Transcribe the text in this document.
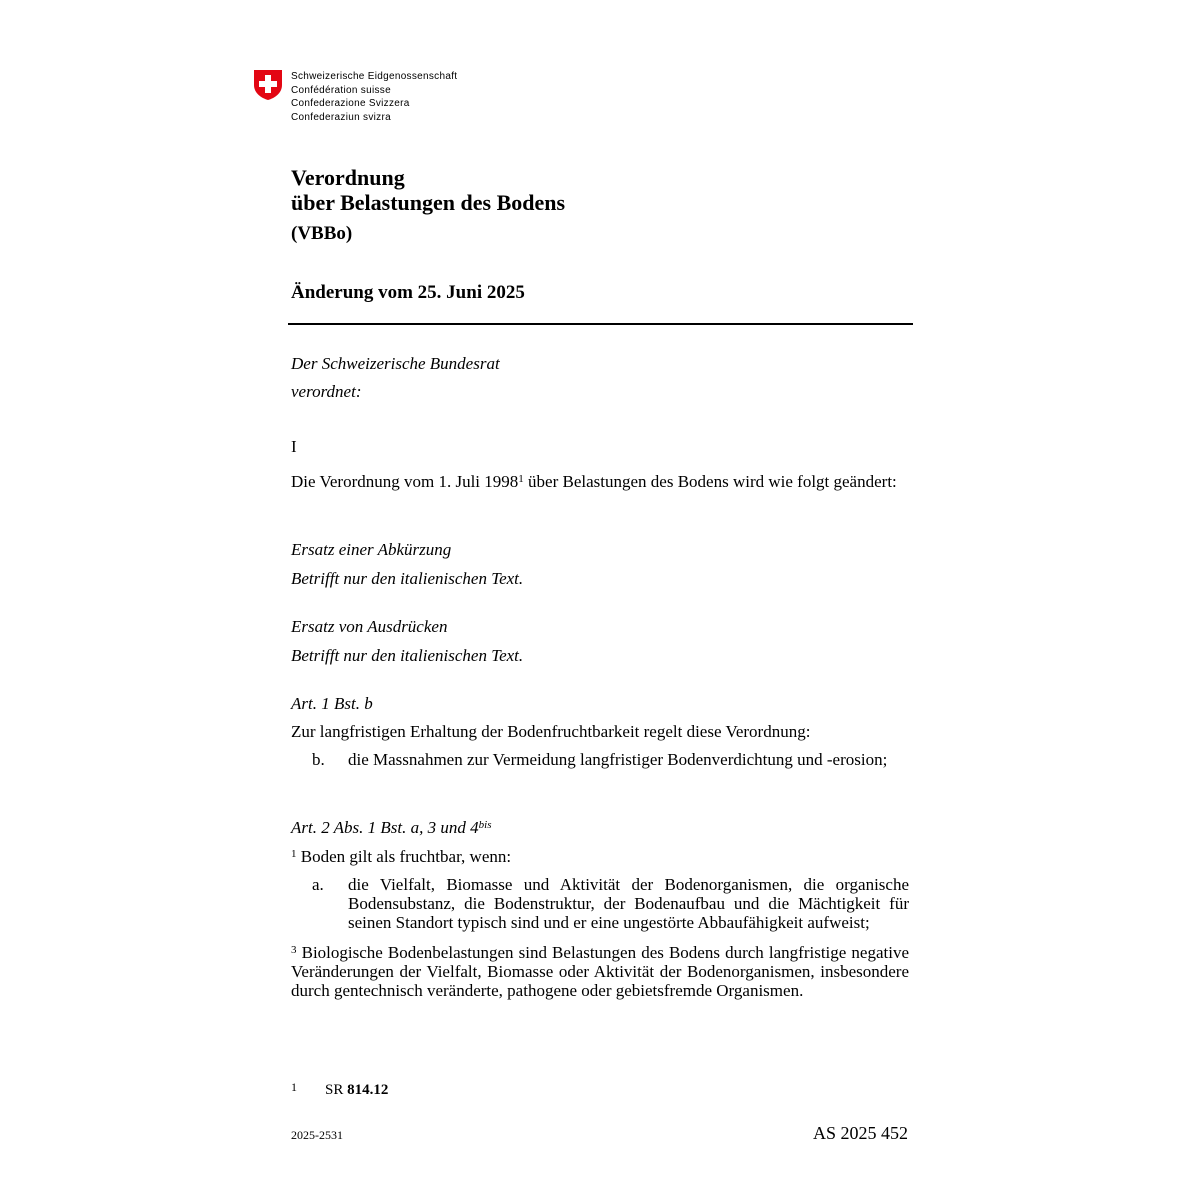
Schweizerische Eidgenossenschaft
Confédération suisse
Confederazione Svizzera
Confederaziun svizra
Verordnung
über Belastungen des Bodens
(VBBo)
Änderung vom 25. Juni 2025
Der Schweizerische Bundesrat
verordnet:
I
Die Verordnung vom 1. Juli 1998$^1$ über Belastungen des Bodens wird wie folgt geändert:
Ersatz einer Abkürzung
Betrifft nur den italienischen Text.
Ersatz von Ausdrücken
Betrifft nur den italienischen Text.
Art. 1 Bst. b
Zur langfristigen Erhaltung der Bodenfruchtbarkeit regelt diese Verordnung:
b. die Massnahmen zur Vermeidung langfristiger Bodenverdichtung und -erosion;
Art. 2 Abs. 1 Bst. a, 3 und $4^{bis}$
$^1$ Boden gilt als fruchtbar, wenn:
a. die Vielfalt, Biomasse und Aktivität der Bodenorganismen, die organische Bodensubstanz, die Bodenstruktur, der Bodenaufbau und die Mächtigkeit für seinen Standort typisch sind und er eine ungestörte Abbaufähigkeit aufweist;
$^3$ Biologische Bodenbelastungen sind Belastungen des Bodens durch langfristige negative Veränderungen der Vielfalt, Biomasse oder Aktivität der Bodenorganismen, insbesondere durch gentechnisch veränderte, pathogene oder gebietsfremde Organismen.
1 SR 814.12
2025-2531	AS 2025 452
